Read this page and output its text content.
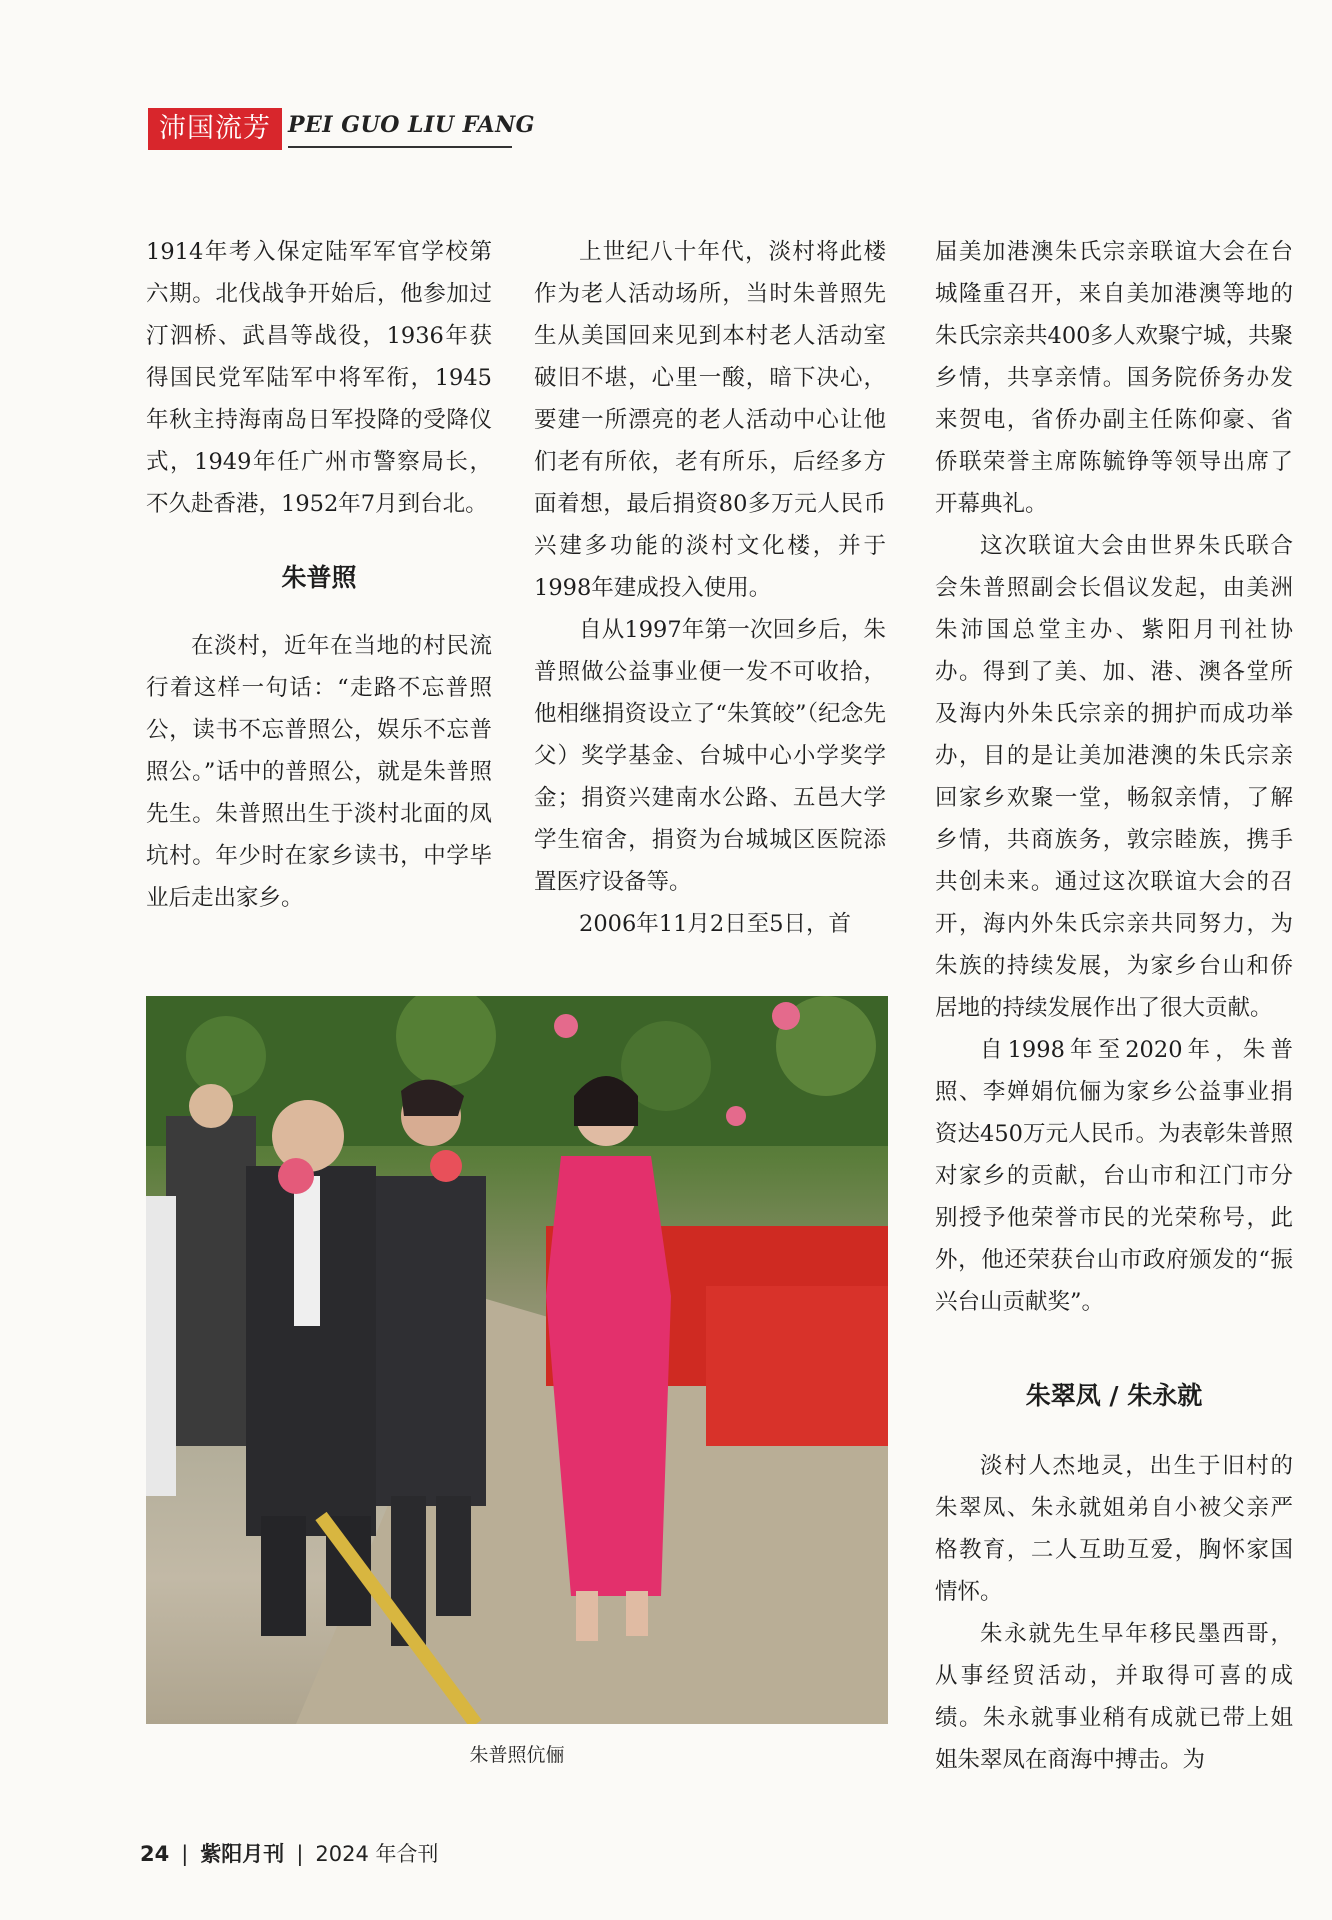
沛国流芳 PEI GUO LIU FANG

1914年考入保定陆军军官学校第六期。北伐战争开始后，他参加过汀泗桥、武昌等战役，1936年获得国民党军陆军中将军衔，1945年秋主持海南岛日军投降的受降仪式，1949年任广州市警察局长，不久赴香港，1952年7月到台北。

朱普照

在淡村，近年在当地的村民流行着这样一句话：“走路不忘普照公，读书不忘普照公，娱乐不忘普照公。”话中的普照公，就是朱普照先生。朱普照出生于淡村北面的凤坑村。年少时在家乡读书，中学毕业后走出家乡。

上世纪八十年代，淡村将此楼作为老人活动场所，当时朱普照先生从美国回来见到本村老人活动室破旧不堪，心里一酸，暗下决心，要建一所漂亮的老人活动中心让他们老有所依，老有所乐，后经多方面着想，最后捐资80多万元人民币兴建多功能的淡村文化楼，并于1998年建成投入使用。

自从1997年第一次回乡后，朱普照做公益事业便一发不可收拾，他相继捐资设立了“朱箕皎”（纪念先父）奖学基金、台城中心小学奖学金；捐资兴建南水公路、五邑大学学生宿舍，捐资为台城城区医院添置医疗设备等。

2006年11月2日至5日，首

届美加港澳朱氏宗亲联谊大会在台城隆重召开，来自美加港澳等地的朱氏宗亲共400多人欢聚宁城，共聚乡情，共享亲情。国务院侨务办发来贺电，省侨办副主任陈仰豪、省侨联荣誉主席陈毓铮等领导出席了开幕典礼。

这次联谊大会由世界朱氏联合会朱普照副会长倡议发起，由美洲朱沛国总堂主办、紫阳月刊社协办。得到了美、加、港、澳各堂所及海内外朱氏宗亲的拥护而成功举办，目的是让美加港澳的朱氏宗亲回家乡欢聚一堂，畅叙亲情，了解乡情，共商族务，敦宗睦族，携手共创未来。通过这次联谊大会的召开，海内外朱氏宗亲共同努力，为朱族的持续发展，为家乡台山和侨居地的持续发展作出了很大贡献。

自1998年至2020年，朱普照、李婵娟伉俪为家乡公益事业捐资达450万元人民币。为表彰朱普照对家乡的贡献，台山市和江门市分别授予他荣誉市民的光荣称号，此外，他还荣获台山市政府颁发的“振兴台山贡献奖”。

朱翠凤 / 朱永就

淡村人杰地灵，出生于旧村的朱翠凤、朱永就姐弟自小被父亲严格教育，二人互助互爱，胸怀家国情怀。

朱永就先生早年移民墨西哥，从事经贸活动，并取得可喜的成绩。朱永就事业稍有成就已带上姐姐朱翠凤在商海中搏击。为

朱普照伉俪
24 | 紫阳月刊 | 2024 年合刊
